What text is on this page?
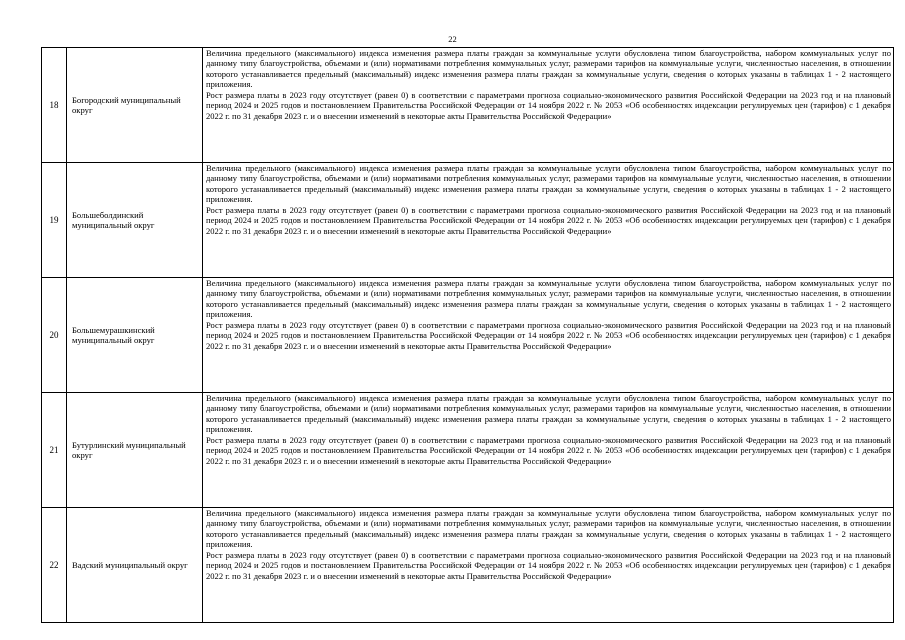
22
18	Богородский муниципальный округ	Величина предельного (максимального) индекса изменения размера платы граждан за коммунальные услуги обусловлена типом благоустройства, набором коммунальных услуг по данному типу благоустройства, объемами и (или) нормативами потребления коммунальных услуг, размерами тарифов на коммунальные услуги, численностью населения, в отношении которого устанавливается предельный (максимальный) индекс изменения размера платы граждан за коммунальные услуги, сведения о которых указаны в таблицах 1 - 2 настоящего приложения.

Рост размера платы в 2023 году отсутствует (равен 0) в соответствии с параметрами прогноза социально-экономического развития Российской Федерации на 2023 год и на плановый период 2024 и 2025 годов и постановлением Правительства Российской Федерации от 14 ноября 2022 г. № 2053 «Об особенностях индексации регулируемых цен (тарифов) с 1 декабря 2022 г. по 31 декабря 2023 г. и о внесении изменений в некоторые акты Правительства Российской Федерации»

19	Большеболдинский муниципальный округ	Величина предельного (максимального) индекса изменения размера платы граждан за коммунальные услуги обусловлена типом благоустройства, набором коммунальных услуг по данному типу благоустройства, объемами и (или) нормативами потребления коммунальных услуг, размерами тарифов на коммунальные услуги, численностью населения, в отношении которого устанавливается предельный (максимальный) индекс изменения размера платы граждан за коммунальные услуги, сведения о которых указаны в таблицах 1 - 2 настоящего приложения.

Рост размера платы в 2023 году отсутствует (равен 0) в соответствии с параметрами прогноза социально-экономического развития Российской Федерации на 2023 год и на плановый период 2024 и 2025 годов и постановлением Правительства Российской Федерации от 14 ноября 2022 г. № 2053 «Об особенностях индексации регулируемых цен (тарифов) с 1 декабря 2022 г. по 31 декабря 2023 г. и о внесении изменений в некоторые акты Правительства Российской Федерации»

20	Большемурашкинский муниципальный округ	Величина предельного (максимального) индекса изменения размера платы граждан за коммунальные услуги обусловлена типом благоустройства, набором коммунальных услуг по данному типу благоустройства, объемами и (или) нормативами потребления коммунальных услуг, размерами тарифов на коммунальные услуги, численностью населения, в отношении которого устанавливается предельный (максимальный) индекс изменения размера платы граждан за коммунальные услуги, сведения о которых указаны в таблицах 1 - 2 настоящего приложения.

Рост размера платы в 2023 году отсутствует (равен 0) в соответствии с параметрами прогноза социально-экономического развития Российской Федерации на 2023 год и на плановый период 2024 и 2025 годов и постановлением Правительства Российской Федерации от 14 ноября 2022 г. № 2053 «Об особенностях индексации регулируемых цен (тарифов) с 1 декабря 2022 г. по 31 декабря 2023 г. и о внесении изменений в некоторые акты Правительства Российской Федерации»

21	Бутурлинский муниципальный округ	Величина предельного (максимального) индекса изменения размера платы граждан за коммунальные услуги обусловлена типом благоустройства, набором коммунальных услуг по данному типу благоустройства, объемами и (или) нормативами потребления коммунальных услуг, размерами тарифов на коммунальные услуги, численностью населения, в отношении которого устанавливается предельный (максимальный) индекс изменения размера платы граждан за коммунальные услуги, сведения о которых указаны в таблицах 1 - 2 настоящего приложения.

Рост размера платы в 2023 году отсутствует (равен 0) в соответствии с параметрами прогноза социально-экономического развития Российской Федерации на 2023 год и на плановый период 2024 и 2025 годов и постановлением Правительства Российской Федерации от 14 ноября 2022 г. № 2053 «Об особенностях индексации регулируемых цен (тарифов) с 1 декабря 2022 г. по 31 декабря 2023 г. и о внесении изменений в некоторые акты Правительства Российской Федерации»

22	Вадский муниципальный округ	Величина предельного (максимального) индекса изменения размера платы граждан за коммунальные услуги обусловлена типом благоустройства, набором коммунальных услуг по данному типу благоустройства, объемами и (или) нормативами потребления коммунальных услуг, размерами тарифов на коммунальные услуги, численностью населения, в отношении которого устанавливается предельный (максимальный) индекс изменения размера платы граждан за коммунальные услуги, сведения о которых указаны в таблицах 1 - 2 настоящего приложения.

Рост размера платы в 2023 году отсутствует (равен 0) в соответствии с параметрами прогноза социально-экономического развития Российской Федерации на 2023 год и на плановый период 2024 и 2025 годов и постановлением Правительства Российской Федерации от 14 ноября 2022 г. № 2053 «Об особенностях индексации регулируемых цен (тарифов) с 1 декабря 2022 г. по 31 декабря 2023 г. и о внесении изменений в некоторые акты Правительства Российской Федерации»
